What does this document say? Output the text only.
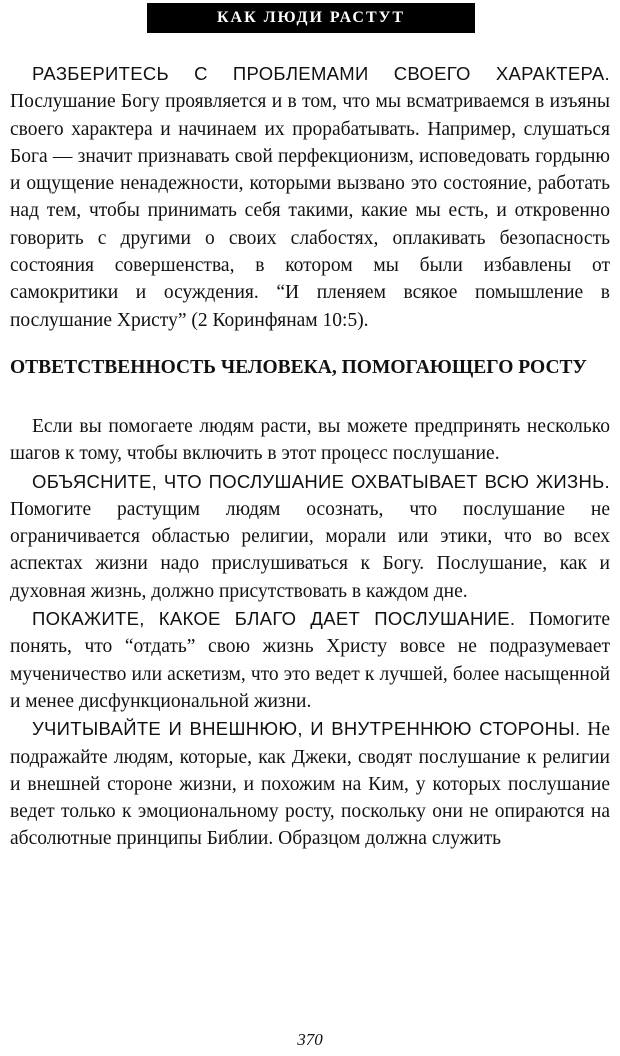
КАК ЛЮДИ РАСТУТ

РАЗБЕРИТЕСЬ С ПРОБЛЕМАМИ СВОЕГО ХАРАКТЕРА. Послушание Богу проявляется и в том, что мы всматриваемся в изъяны своего характера и начинаем их прорабатывать. Например, слушаться Бога — значит признавать свой перфекционизм, исповедовать гордыню и ощущение ненадежности, которыми вызвано это состояние, работать над тем, чтобы принимать себя такими, какие мы есть, и откровенно говорить с другими о своих слабостях, оплакивать безопасность состояния совершенства, в котором мы были избавлены от самокритики и осуждения. “И пленяем всякое помышление в послушание Христу” (2 Коринфянам 10:5).

ОТВЕТСТВЕННОСТЬ ЧЕЛОВЕКА, ПОМОГАЮЩЕГО РОСТУ

Если вы помогаете людям расти, вы можете предпринять несколько шагов к тому, чтобы включить в этот процесс послушание.

ОБЪЯСНИТЕ, ЧТО ПОСЛУШАНИЕ ОХВАТЫВАЕТ ВСЮ ЖИЗНЬ. Помогите растущим людям осознать, что послушание не ограничивается областью религии, морали или этики, что во всех аспектах жизни надо прислушиваться к Богу. Послушание, как и духовная жизнь, должно присутствовать в каждом дне.

ПОКАЖИТЕ, КАКОЕ БЛАГО ДАЕТ ПОСЛУШАНИЕ. Помогите понять, что “отдать” свою жизнь Христу вовсе не подразумевает мученичество или аскетизм, что это ведет к лучшей, более насыщенной и менее дисфункциональной жизни.

УЧИТЫВАЙТЕ И ВНЕШНЮЮ, И ВНУТРЕННЮЮ СТОРОНЫ. Не подражайте людям, которые, как Джеки, сводят послушание к религии и внешней стороне жизни, и похожим на Ким, у которых послушание ведет только к эмоциональному росту, поскольку они не опираются на абсолютные принципы Библии. Образцом должна служить

370
